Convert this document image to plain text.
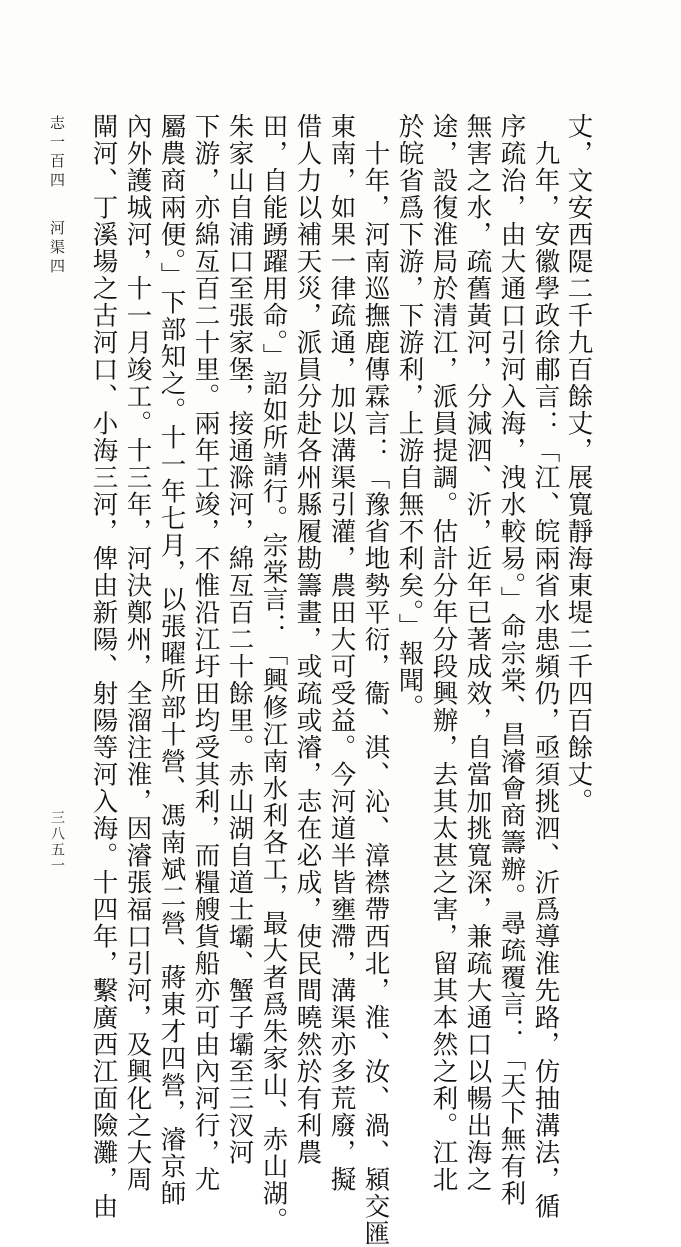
丈，文安西隄二千九百餘丈，展寬靜海東堤二千四百餘丈。
九年，安徽學政徐郙言：「江、皖兩省水患頻仍，亟須挑泗、沂爲導淮先路，仿抽溝法，循
序疏治，由大通口引河入海，洩水較易。」命宗棠、昌濬會商籌辦。尋疏覆言：「天下無有利
無害之水，疏舊黃河，分減泗、沂，近年已著成效，自當加挑寬深，兼疏大通口以暢出海之
途，設復淮局於清江，派員提調。估計分年分段興辦，去其太甚之害，留其本然之利。江北
於皖省爲下游，下游利，上游自無不利矣。」報聞。
十年，河南巡撫鹿傳霖言：「豫省地勢平衍，衞、淇、沁、漳襟帶西北，淮、汝、渦、潁交匯
東南，如果一律疏通，加以溝渠引灌，農田大可受益。今河道半皆壅滯，溝渠亦多荒廢，擬
借人力以補天災，派員分赴各州縣履勘籌畫，或疏或濬，志在必成，使民間曉然於有利農
田，自能踴躍用命。」詔如所請行。宗棠言：「興修江南水利各工，最大者爲朱家山、赤山湖。
朱家山自浦口至張家堡，接通滁河，綿亙百二十餘里。赤山湖自道士壩、蟹子壩至三汊河
下游，亦綿亙百二十里。兩年工竣，不惟沿江圩田均受其利，而糧艘貨船亦可由內河行，尤
屬農商兩便。」下部知之。十一年七月，以張曜所部十營、馮南斌二營、蔣東才四營，濬京師
內外護城河，十一月竣工。十三年，河決鄭州，全溜注淮，因濬張福口引河，及興化之大周
閘河、丁溪場之古河口、小海三河，俾由新陽、射陽等河入海。十四年，繫廣西江面險灘，由
志一百四
河渠四
三八五一
